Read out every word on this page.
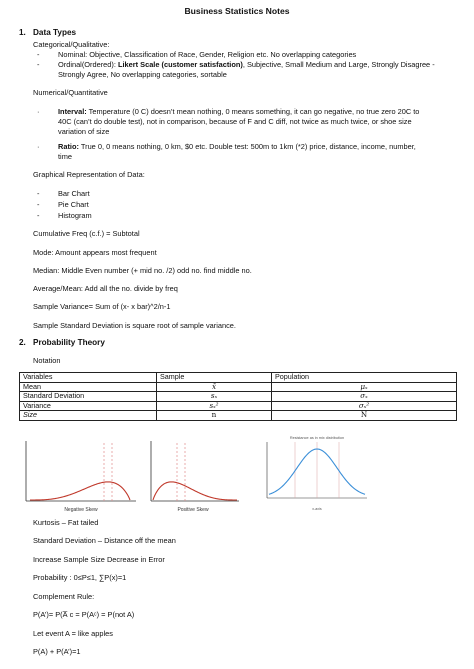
Business Statistics Notes
1. Data Types
Categorical/Qualitative:
-	Nominal: Objective, Classification of Race, Gender, Religion etc. No overlapping categories
-	Ordinal(Ordered): Likert Scale (customer satisfaction), Subjective, Small Medium and Large, Strongly Disagree -
Strongly Agree, No overlapping categories, sortable
Numerical/Quantitative
·	Interval: Temperature (0 C) doesn’t mean nothing, 0 means something, it can go negative, no true zero 20C to
40C (can’t do double test), not in comparison, because of F and C diff, not twice as much twice, or shoe size
variation of size
·	Ratio: True 0, 0 means nothing, 0 km, $0 etc. Double test: 500m to 1km (*2) price, distance, income, number,
time
Graphical Representation of Data:
-	Bar Chart
-	Pie Chart
-	Histogram
Cumulative Freq (c.f.) = Subtotal
Mode: Amount appears most frequent
Median: Middle Even number (+ mid no. /2) odd no. find middle no.
Average/Mean: Add all the no. divide by freq
Sample Variance= Sum of (x- x bar)^2/n-1
Sample Standard Deviation is square root of sample variance.
2. Probability Theory
Notation
Variables	Sample	Population
Mean	x̄	μₓ
Standard Deviation	sₓ	σₓ
Variance	sₓ²	σₓ²
Size	n	N
Negative Skew	Positive Skew
Resistance as in mix distribution
x-axis
Kurtosis – Fat tailed
Standard Deviation – Distance off the mean
Increase Sample Size Decrease in Error
Probability : 0≤P≤1, ∑P(x)=1
Complement Rule:
P(A’)= P(A̅ c = P(Aᶜ) = P(not A)
Let event A = like apples
P(A) + P(A’)=1
